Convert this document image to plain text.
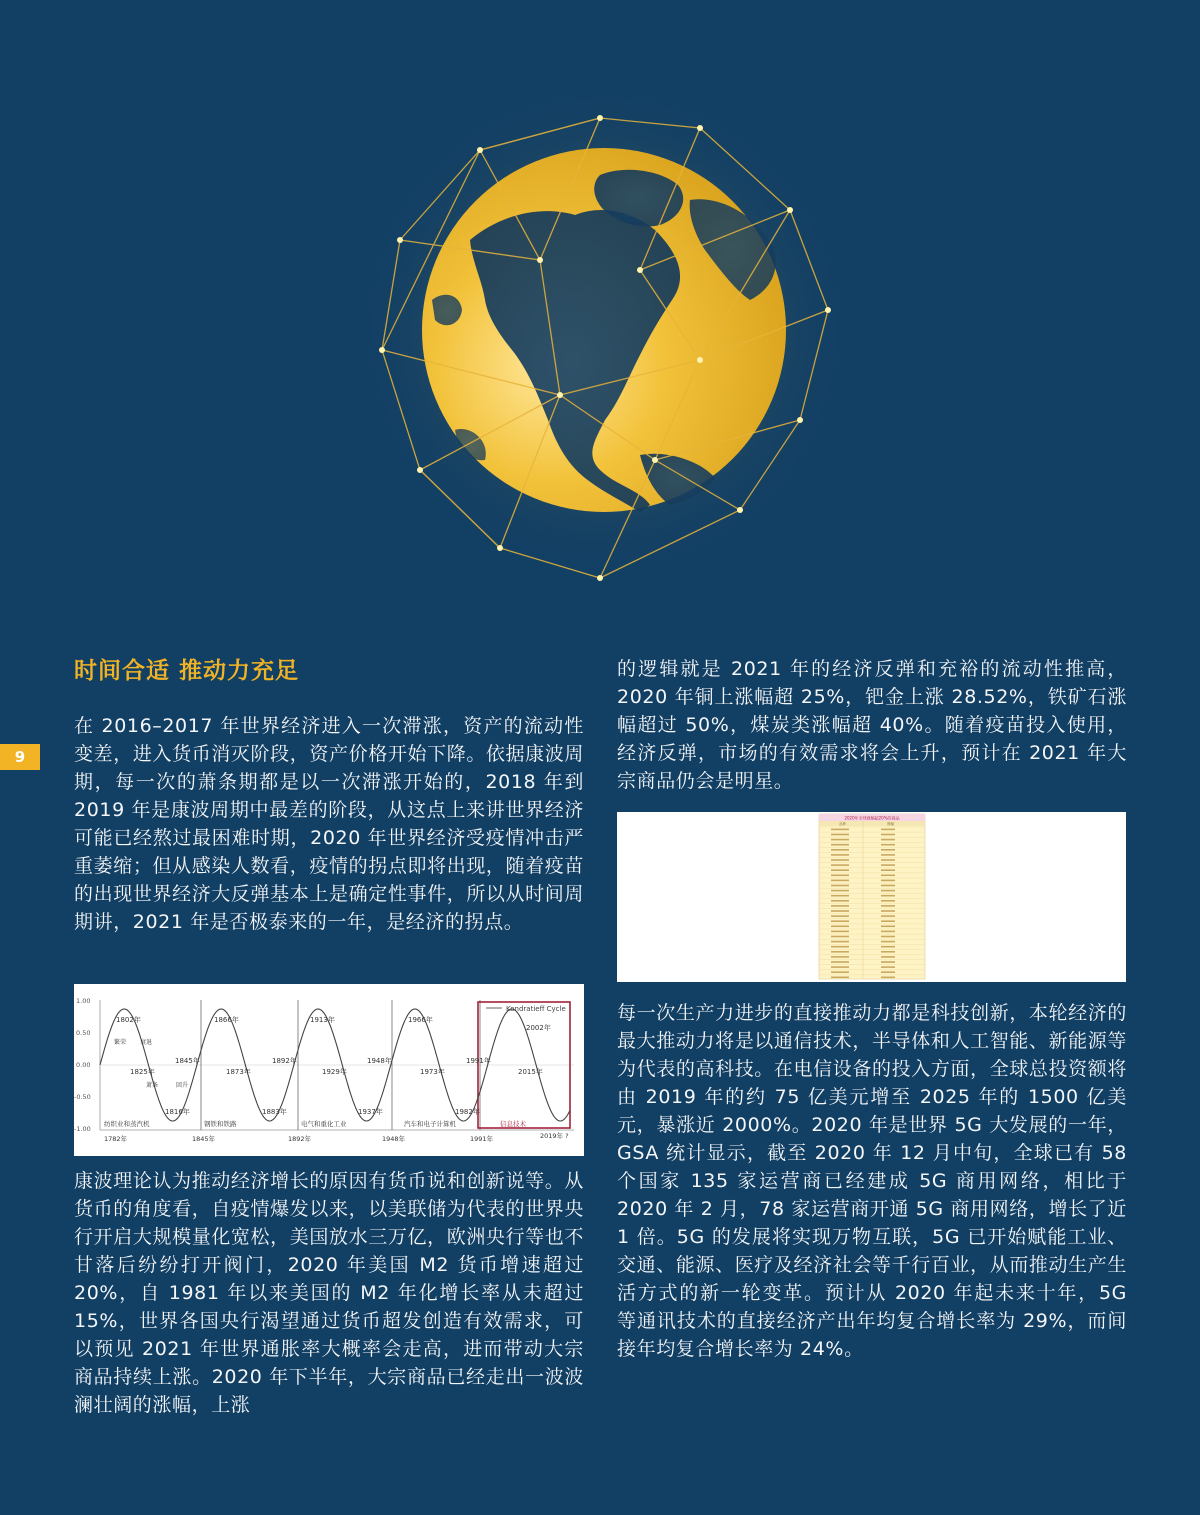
9
时间合适 推动力充足

在 2016–2017 年世界经济进入一次滞涨，资产的流动性变差，进入货币消灭阶段，资产价格开始下降。依据康波周期，每一次的萧条期都是以一次滞涨开始的，2018 年到 2019 年是康波周期中最差的阶段，从这点上来讲世界经济可能已经熬过最困难时期，2020 年世界经济受疫情冲击严重萎缩；但从感染人数看，疫情的拐点即将出现，随着疫苗的出现世界经济大反弹基本上是确定性事件，所以从时间周期讲，2021 年是否极泰来的一年，是经济的拐点。

Kondratieff Cycle
1.00
0.50
0.00
-0.50
-1.00
1802年	1866年	1913年	1966年
2002年
1825年
1845年
1873年
1892年
1929年
1948年
1973年
1991年
2015年
1816年	1883年	1937年	1982年
繁荣 衰退
萧条	回升
纺织业和蒸汽机	钢铁和铁路	电气和重化工业	汽车和电子计算机	信息技术
1782年	1845年	1892年	1948年	1991年	2019年 ?

康波理论认为推动经济增长的原因有货币说和创新说等。从货币的角度看，自疫情爆发以来，以美联储为代表的世界央行开启大规模量化宽松，美国放水三万亿，欧洲央行等也不甘落后纷纷打开阀门，2020 年美国 M2 货币增速超过 20%，自 1981 年以来美国的 M2 年化增长率从未超过 15%，世界各国央行渴望通过货币超发创造有效需求，可以预见 2021 年世界通胀率大概率会走高，进而带动大宗商品持续上涨。2020 年下半年，大宗商品已经走出一波波澜壮阔的涨幅，上涨

的逻辑就是 2021 年的经济反弹和充裕的流动性推高，2020 年铜上涨幅超 25%，钯金上涨 28.52%，铁矿石涨幅超过 50%，煤炭类涨幅超 40%。随着疫苗投入使用，经济反弹，市场的有效需求将会上升，预计在 2021 年大宗商品仍会是明星。

2020年全球涨幅超20%的商品
品种	涨幅

每一次生产力进步的直接推动力都是科技创新，本轮经济的最大推动力将是以通信技术，半导体和人工智能、新能源等为代表的高科技。在电信设备的投入方面，全球总投资额将由 2019 年的约 75 亿美元增至 2025 年的 1500 亿美元，暴涨近 2000%。2020 年是世界 5G 大发展的一年，GSA 统计显示，截至 2020 年 12 月中旬，全球已有 58 个国家 135 家运营商已经建成 5G 商用网络，相比于 2020 年 2 月，78 家运营商开通 5G 商用网络，增长了近 1 倍。5G 的发展将实现万物互联，5G 已开始赋能工业、交通、能源、医疗及经济社会等千行百业，从而推动生产生活方式的新一轮变革。预计从 2020 年起未来十年，5G 等通讯技术的直接经济产出年均复合增长率为 29%，而间接年均复合增长率为 24%。
